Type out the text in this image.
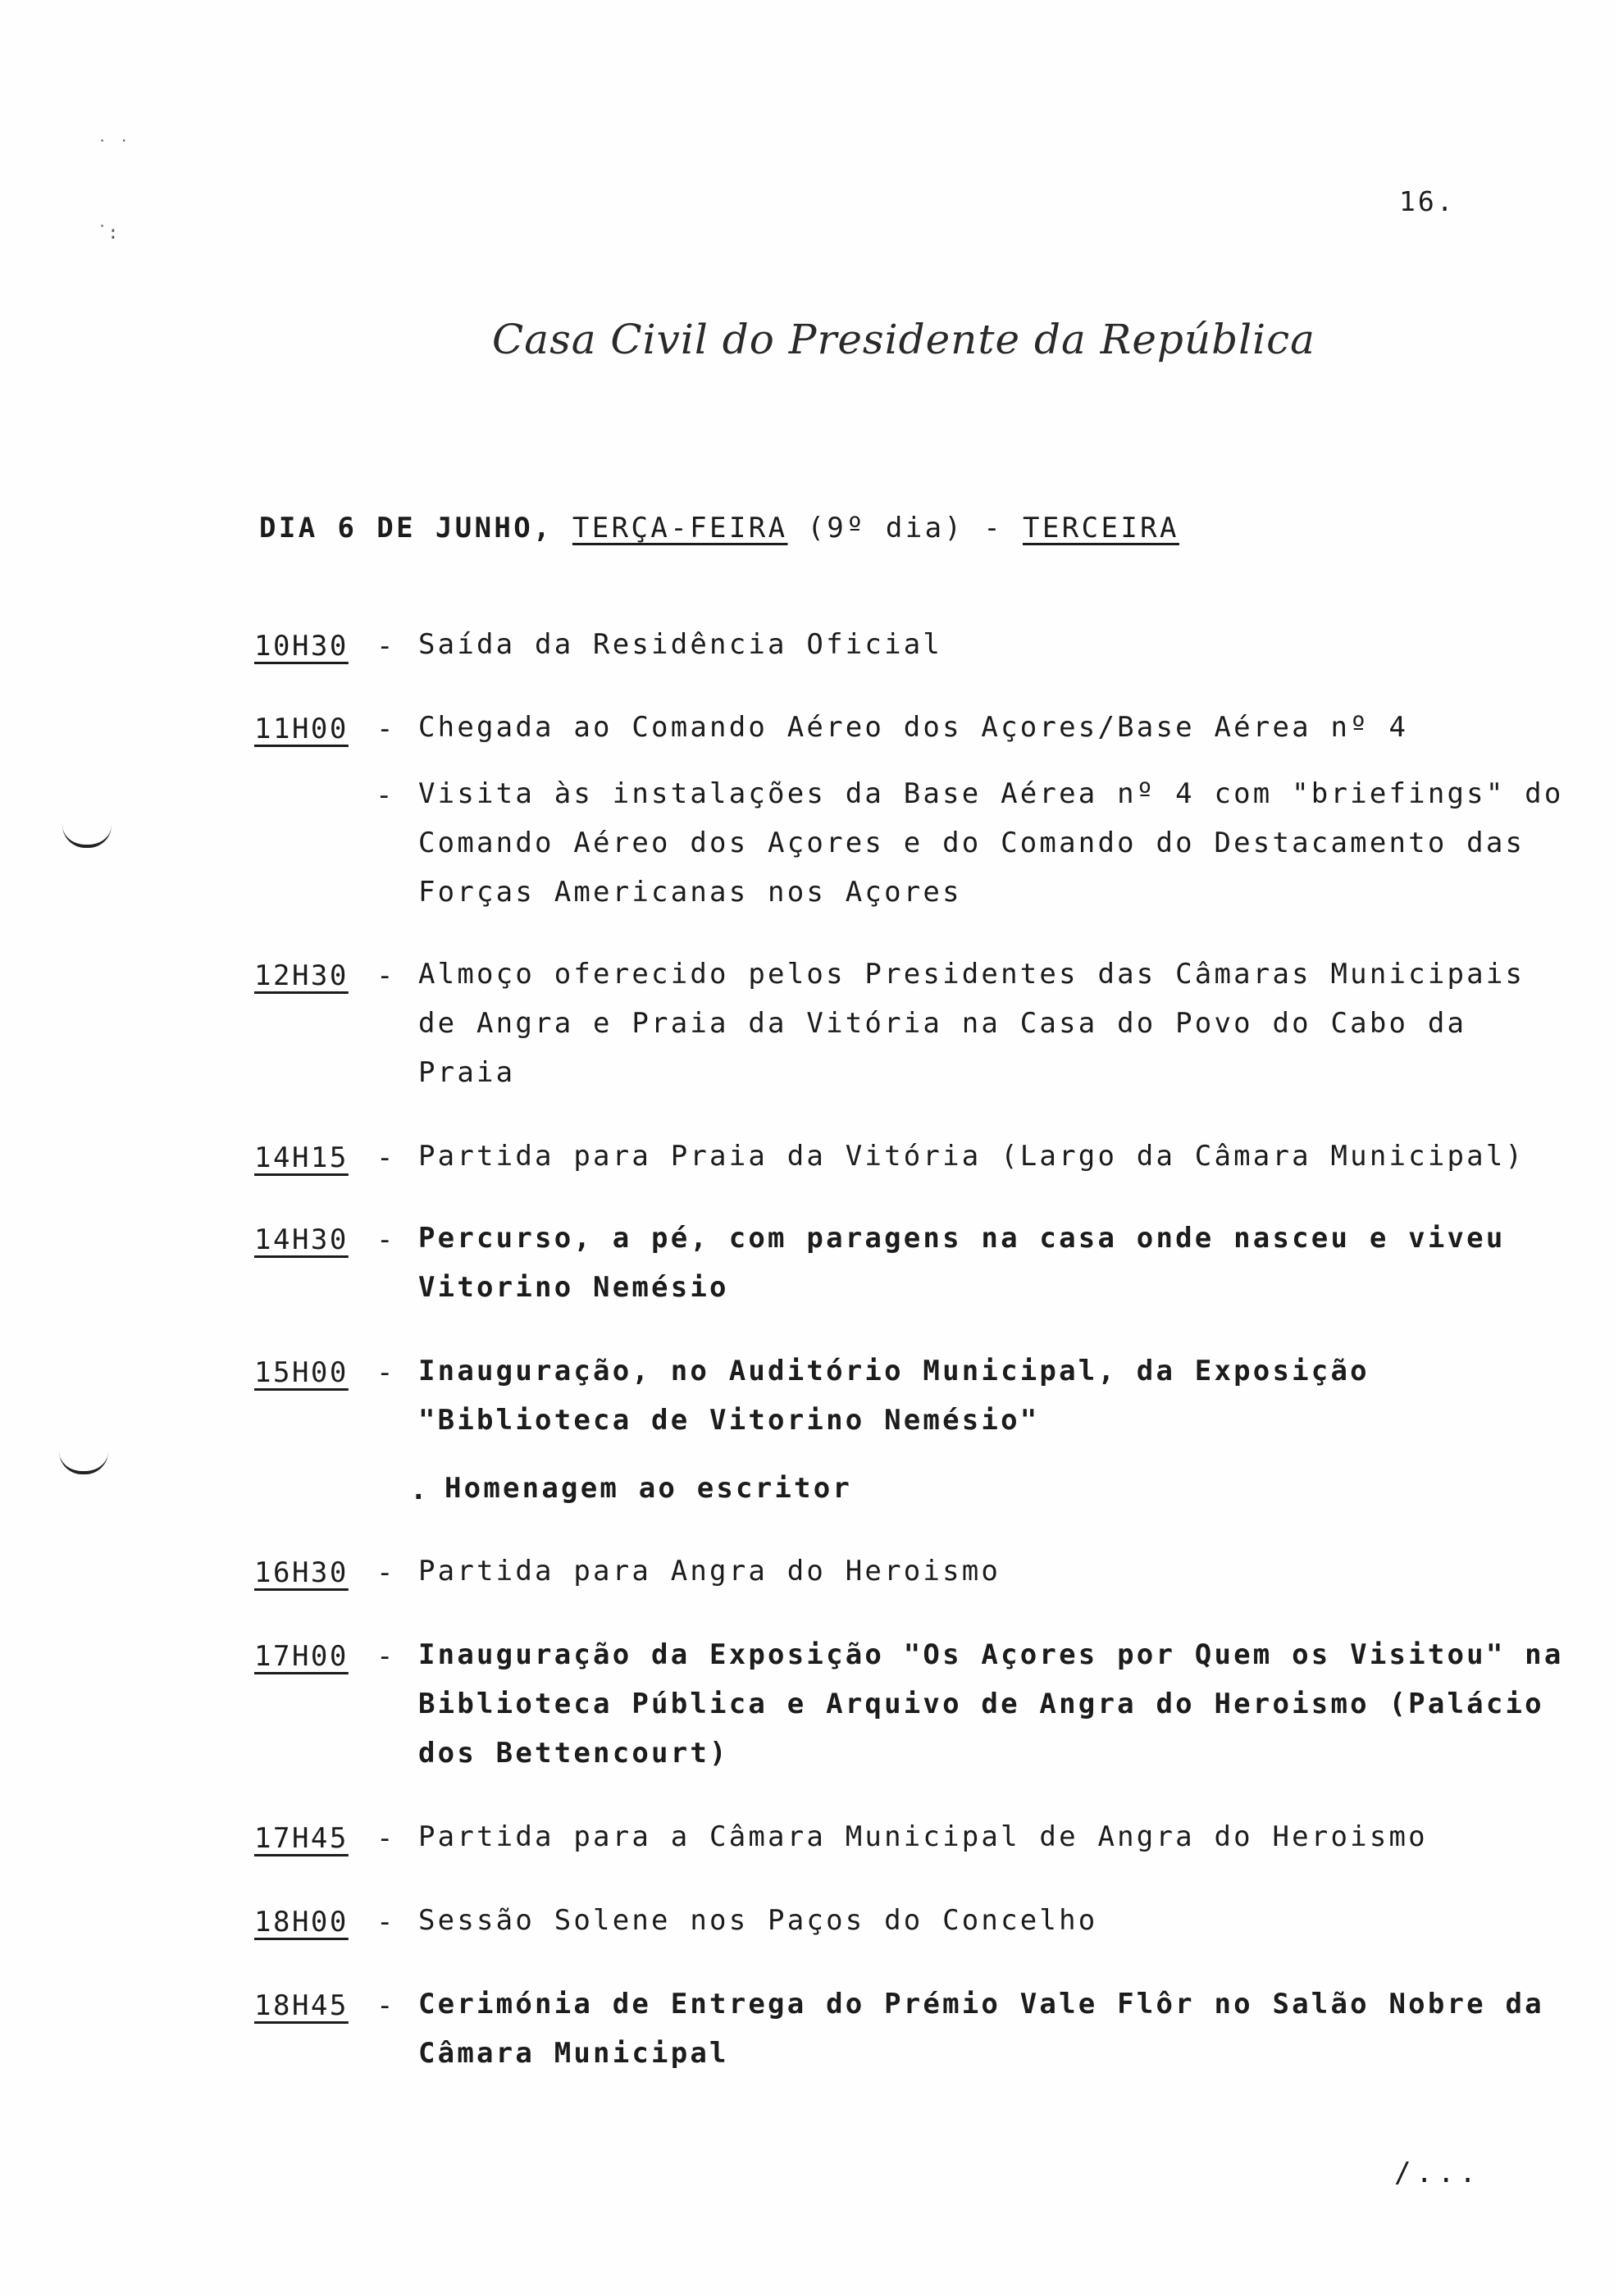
˙ ˙
˙:
16.
Casa Civil do Presidente da República
DIA 6 DE JUNHO, TERÇA-FEIRA (9º dia) - TERCEIRA
10H30 - Saída da Residência Oficial
11H00 - Chegada ao Comando Aéreo dos Açores/Base Aérea nº 4
- Visita às instalações da Base Aérea nº 4 com "briefings" do Comando Aéreo dos Açores e do Comando do Destacamento das Forças Americanas nos Açores
12H30 - Almoço oferecido pelos Presidentes das Câmaras Municipais de Angra e Praia da Vitória na Casa do Povo do Cabo da Praia
14H15 - Partida para Praia da Vitória (Largo da Câmara Municipal)
14H30 - Percurso, a pé, com paragens na casa onde nasceu e viveu Vitorino Nemésio
15H00 - Inauguração, no Auditório Municipal, da Exposição "Biblioteca de Vitorino Nemésio"
. Homenagem ao escritor
16H30 - Partida para Angra do Heroismo
17H00 - Inauguração da Exposição "Os Açores por Quem os Visitou" na Biblioteca Pública e Arquivo de Angra do Heroismo (Palácio dos Bettencourt)
17H45 - Partida para a Câmara Municipal de Angra do Heroismo
18H00 - Sessão Solene nos Paços do Concelho
18H45 - Cerimónia de Entrega do Prémio Vale Flôr no Salão Nobre da Câmara Municipal
/...
